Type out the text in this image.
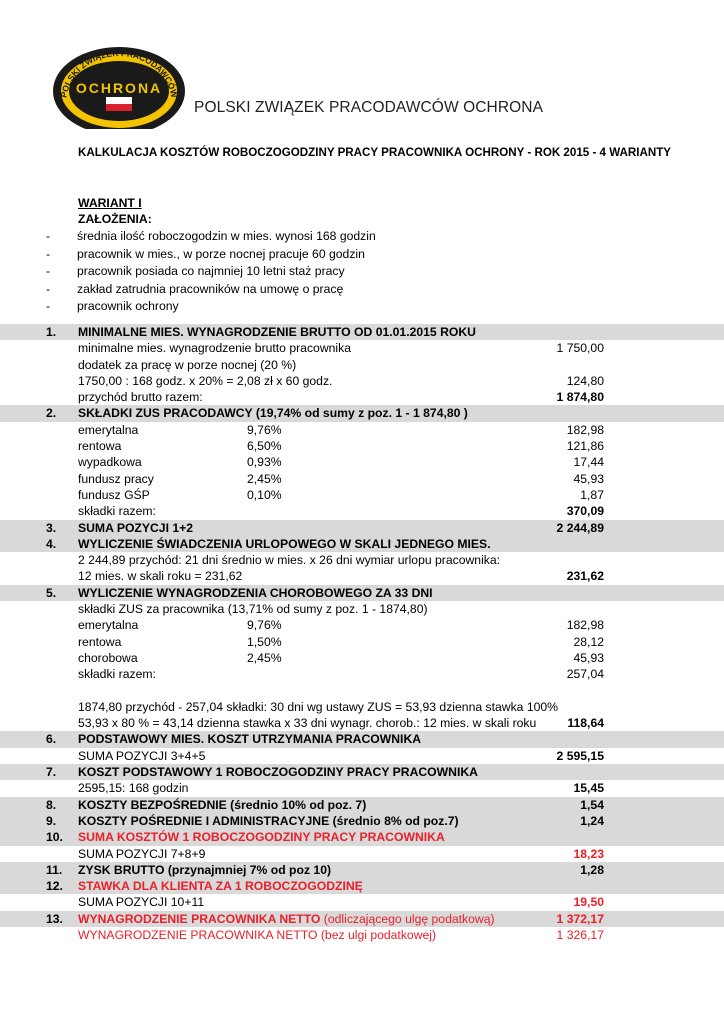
POLSKI ZWIĄZEK PRACODAWCÓW
OCHRONA
POLSKI ZWIĄZEK PRACODAWCÓW OCHRONA
KALKULACJA KOSZTÓW ROBOCZOGODZINY PRACY PRACOWNIKA OCHRONY - ROK 2015 - 4 WARIANTY
WARIANT I
ZAŁOŻENIA:
- średnia ilość roboczogodzin w mies. wynosi 168 godzin
- pracownik w mies., w porze nocnej pracuje 60 godzin
- pracownik posiada co najmniej 10 letni staż pracy
- zakład zatrudnia pracowników na umowę o pracę
- pracownik ochrony
1. MINIMALNE MIES. WYNAGRODZENIE BRUTTO OD 01.01.2015 ROKU
minimalne mies. wynagrodzenie brutto pracownika	1 750,00
dodatek za pracę w porze nocnej (20 %)
1750,00 : 168 godz. x 20% = 2,08 zł x 60 godz.	124,80
przychód brutto razem:	1 874,80
2. SKŁADKI ZUS PRACODAWCY (19,74% od sumy z poz. 1 - 1 874,80 )
emerytalna	9,76%	182,98
rentowa	6,50%	121,86
wypadkowa	0,93%	17,44
fundusz pracy	2,45%	45,93
fundusz GŚP	0,10%	1,87
składki razem:	370,09
3. SUMA POZYCJI 1+2	2 244,89
4. WYLICZENIE ŚWIADCZENIA URLOPOWEGO W SKALI JEDNEGO MIES.
2 244,89 przychód: 21 dni średnio w mies. x 26 dni wymiar urlopu pracownika:
12 mies. w skali roku = 231,62	231,62
5. WYLICZENIE WYNAGRODZENIA CHOROBOWEGO ZA 33 DNI
składki ZUS za pracownika (13,71% od sumy z poz. 1 - 1874,80)
emerytalna	9,76%	182,98
rentowa	1,50%	28,12
chorobowa	2,45%	45,93
składki razem:	257,04
1874,80 przychód - 257,04 składki: 30 dni wg ustawy ZUS = 53,93 dzienna stawka 100%
53,93 x 80 % = 43,14 dzienna stawka x 33 dni wynagr. chorob.: 12 mies. w skali roku	118,64
6. PODSTAWOWY MIES. KOSZT UTRZYMANIA PRACOWNIKA
SUMA POZYCJI 3+4+5	2 595,15
7. KOSZT PODSTAWOWY 1 ROBOCZOGODZINY PRACY PRACOWNIKA
2595,15: 168 godzin	15,45
8. KOSZTY BEZPOŚREDNIE (średnio 10% od poz. 7)	1,54
9. KOSZTY POŚREDNIE I ADMINISTRACYJNE (średnio 8% od poz.7)	1,24
10. SUMA KOSZTÓW 1 ROBOCZOGODZINY PRACY PRACOWNIKA
SUMA POZYCJI 7+8+9	18,23
11. ZYSK BRUTTO (przynajmniej 7% od poz 10)	1,28
12. STAWKA DLA KLIENTA ZA 1 ROBOCZOGODZINĘ
SUMA POZYCJI 10+11	19,50
13. WYNAGRODZENIE PRACOWNIKA NETTO (odliczającego ulgę podatkową)	1 372,17
WYNAGRODZENIE PRACOWNIKA NETTO (bez ulgi podatkowej)	1 326,17
